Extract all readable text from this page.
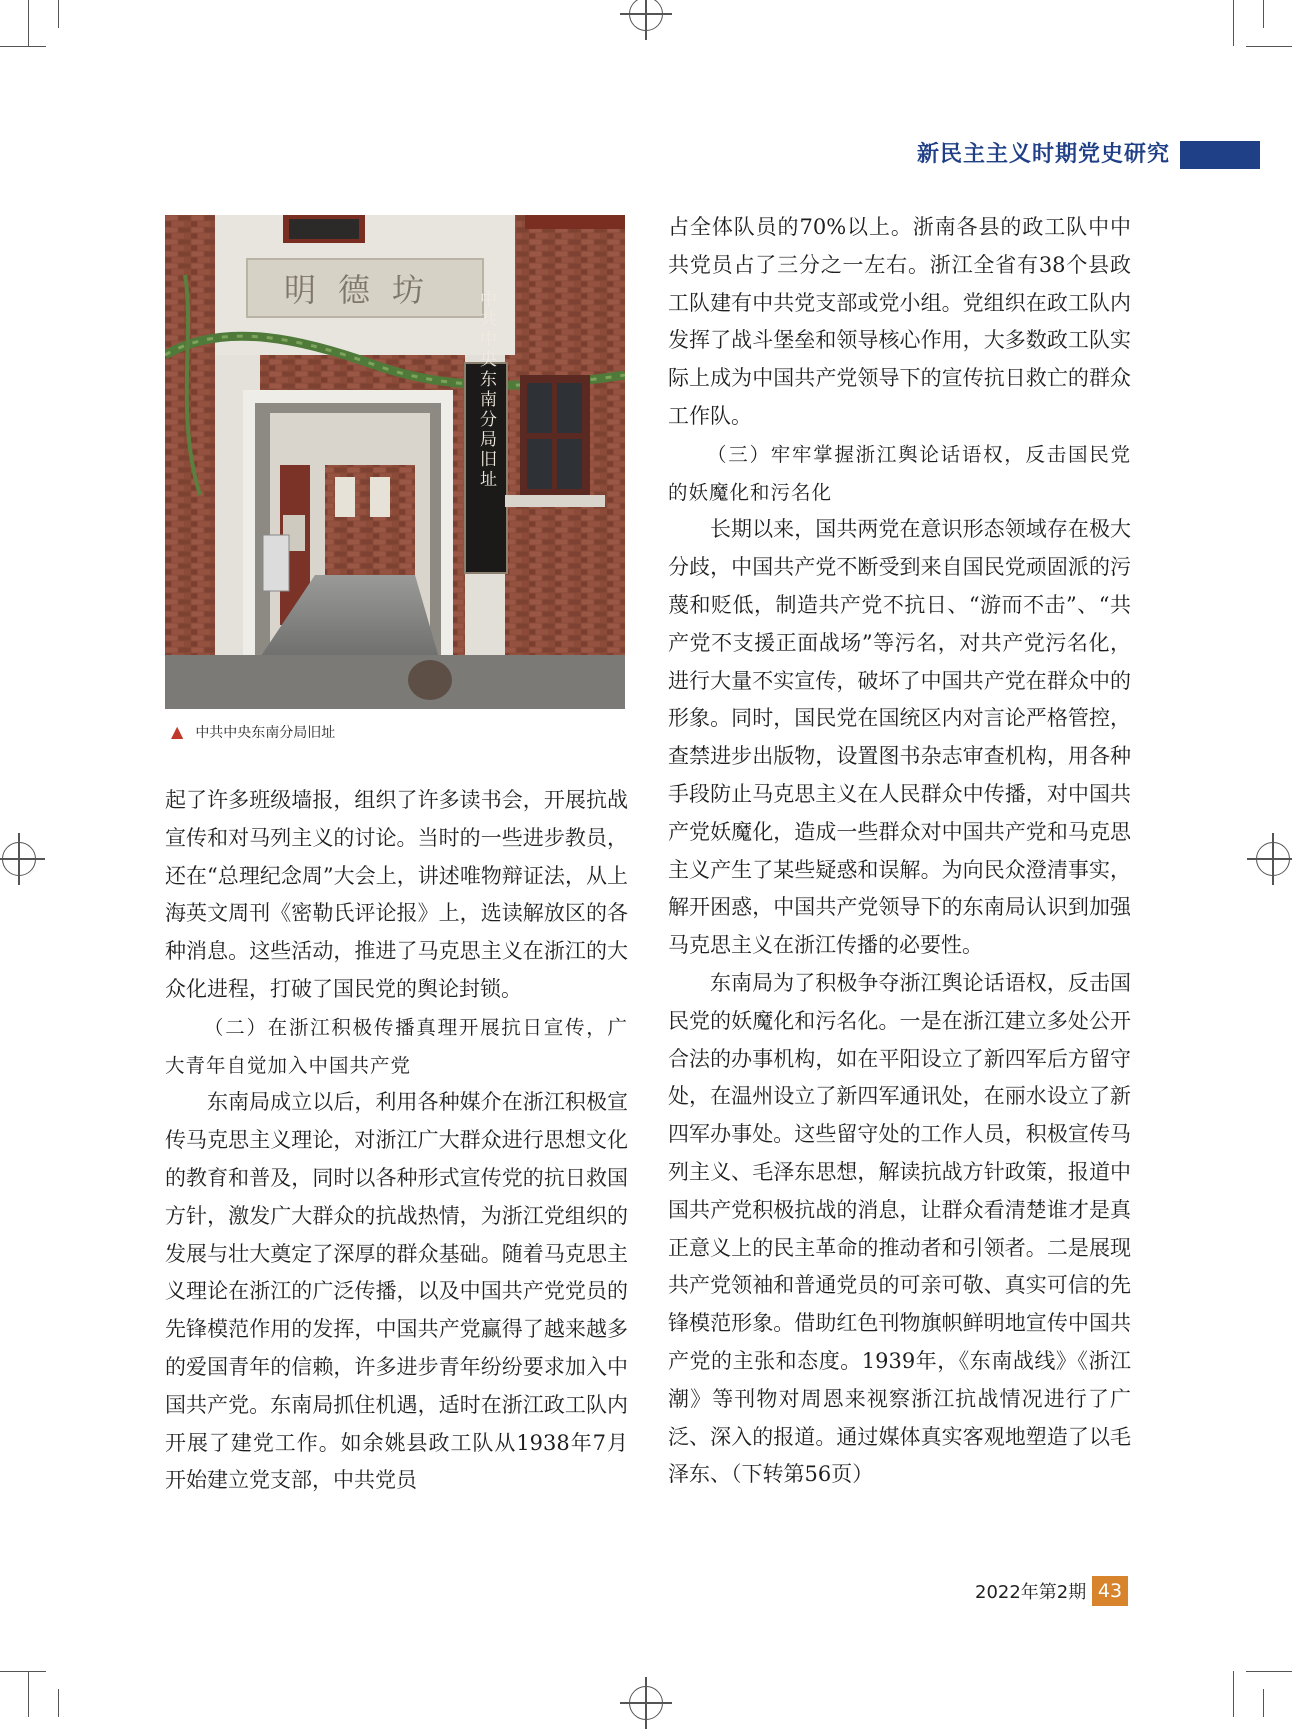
新民主主义时期党史研究
明德坊 中共中央东南分局旧址
▲ 中共中央东南分局旧址

起了许多班级墙报，组织了许多读书会，开展抗战宣传和对马列主义的讨论。当时的一些进步教员，还在“总理纪念周”大会上，讲述唯物辩证法，从上海英文周刊《密勒氏评论报》上，选读解放区的各种消息。这些活动，推进了马克思主义在浙江的大众化进程，打破了国民党的舆论封锁。

（二）在浙江积极传播真理开展抗日宣传，广大青年自觉加入中国共产党

东南局成立以后，利用各种媒介在浙江积极宣传马克思主义理论，对浙江广大群众进行思想文化的教育和普及，同时以各种形式宣传党的抗日救国方针，激发广大群众的抗战热情，为浙江党组织的发展与壮大奠定了深厚的群众基础。随着马克思主义理论在浙江的广泛传播，以及中国共产党党员的先锋模范作用的发挥，中国共产党赢得了越来越多的爱国青年的信赖，许多进步青年纷纷要求加入中国共产党。东南局抓住机遇，适时在浙江政工队内开展了建党工作。如余姚县政工队从1938年7月开始建立党支部，中共党员

占全体队员的70%以上。浙南各县的政工队中中共党员占了三分之一左右。浙江全省有38个县政工队建有中共党支部或党小组。党组织在政工队内发挥了战斗堡垒和领导核心作用，大多数政工队实际上成为中国共产党领导下的宣传抗日救亡的群众工作队。

（三）牢牢掌握浙江舆论话语权，反击国民党的妖魔化和污名化

长期以来，国共两党在意识形态领域存在极大分歧，中国共产党不断受到来自国民党顽固派的污蔑和贬低，制造共产党不抗日、“游而不击”、“共产党不支援正面战场”等污名，对共产党污名化，进行大量不实宣传，破坏了中国共产党在群众中的形象。同时，国民党在国统区内对言论严格管控，查禁进步出版物，设置图书杂志审查机构，用各种手段防止马克思主义在人民群众中传播，对中国共产党妖魔化，造成一些群众对中国共产党和马克思主义产生了某些疑惑和误解。为向民众澄清事实，解开困惑，中国共产党领导下的东南局认识到加强马克思主义在浙江传播的必要性。

东南局为了积极争夺浙江舆论话语权，反击国民党的妖魔化和污名化。一是在浙江建立多处公开合法的办事机构，如在平阳设立了新四军后方留守处，在温州设立了新四军通讯处，在丽水设立了新四军办事处。这些留守处的工作人员，积极宣传马列主义、毛泽东思想，解读抗战方针政策，报道中国共产党积极抗战的消息，让群众看清楚谁才是真正意义上的民主革命的推动者和引领者。二是展现共产党领袖和普通党员的可亲可敬、真实可信的先锋模范形象。借助红色刊物旗帜鲜明地宣传中国共产党的主张和态度。1939年，《东南战线》《浙江潮》等刊物对周恩来视察浙江抗战情况进行了广泛、深入的报道。通过媒体真实客观地塑造了以毛泽东、（下转第56页）

2022年第2期 43
